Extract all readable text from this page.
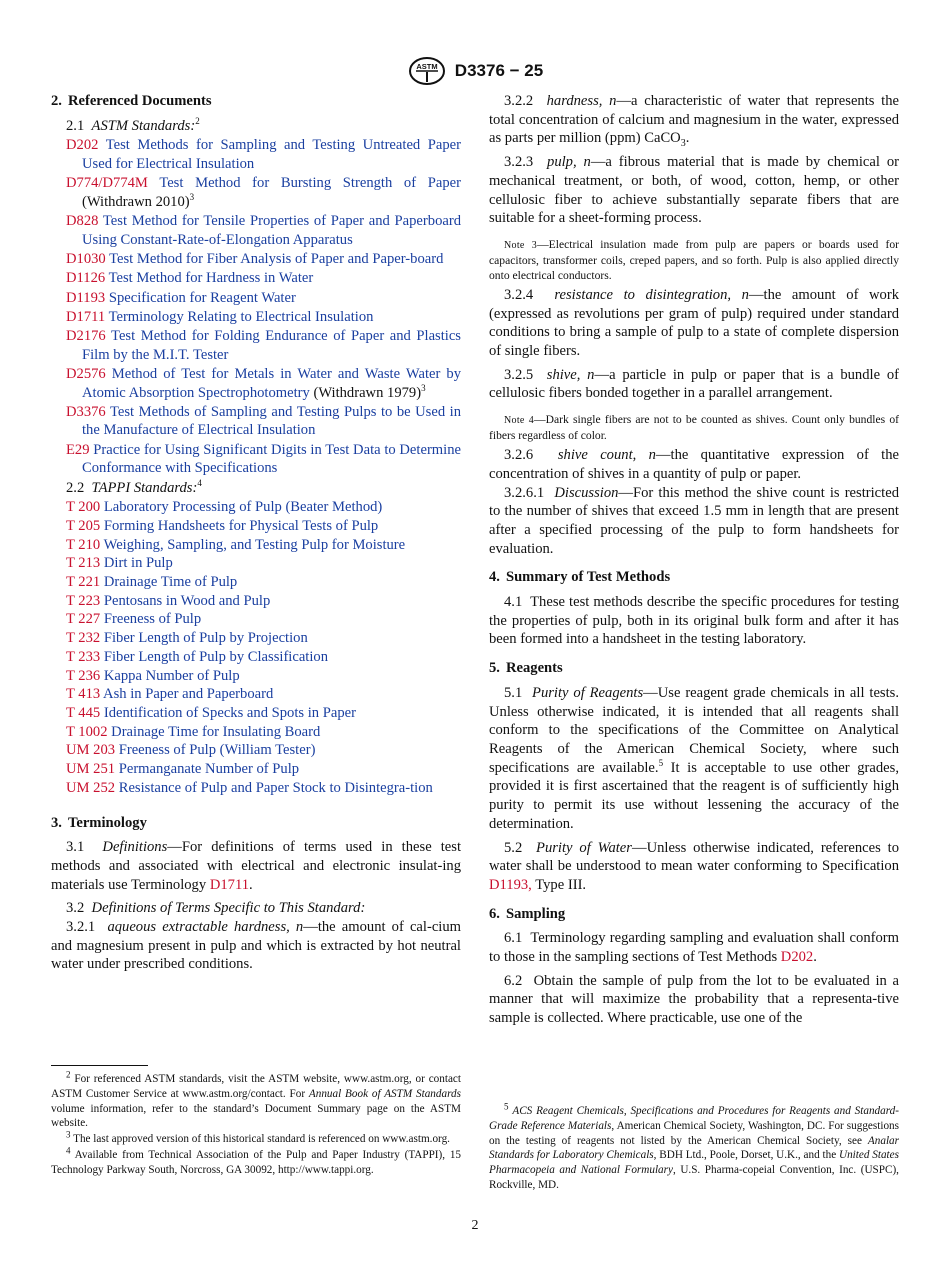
ASTM D3376 − 25
2. Referenced Documents

2.1 ASTM Standards:$^2$

D202 Test Methods for Sampling and Testing Untreated Paper Used for Electrical Insulation

D774/D774M Test Method for Bursting Strength of Paper (Withdrawn 2010)$^3$

D828 Test Method for Tensile Properties of Paper and Paperboard Using Constant-Rate-of-Elongation Apparatus

D1030 Test Method for Fiber Analysis of Paper and Paper-board

D1126 Test Method for Hardness in Water

D1193 Specification for Reagent Water

D1711 Terminology Relating to Electrical Insulation

D2176 Test Method for Folding Endurance of Paper and Plastics Film by the M.I.T. Tester

D2576 Method of Test for Metals in Water and Waste Water by Atomic Absorption Spectrophotometry (Withdrawn 1979)$^3$

D3376 Test Methods of Sampling and Testing Pulps to be Used in the Manufacture of Electrical Insulation

E29 Practice for Using Significant Digits in Test Data to Determine Conformance with Specifications

2.2 TAPPI Standards:$^4$

T 200 Laboratory Processing of Pulp (Beater Method)

T 205 Forming Handsheets for Physical Tests of Pulp

T 210 Weighing, Sampling, and Testing Pulp for Moisture

T 213 Dirt in Pulp

T 221 Drainage Time of Pulp

T 223 Pentosans in Wood and Pulp

T 227 Freeness of Pulp

T 232 Fiber Length of Pulp by Projection

T 233 Fiber Length of Pulp by Classification

T 236 Kappa Number of Pulp

T 413 Ash in Paper and Paperboard

T 445 Identification of Specks and Spots in Paper

T 1002 Drainage Time for Insulating Board

UM 203 Freeness of Pulp (William Tester)

UM 251 Permanganate Number of Pulp

UM 252 Resistance of Pulp and Paper Stock to Disintegra-tion

3. Terminology

3.1 Definitions—For definitions of terms used in these test methods and associated with electrical and electronic insulat-ing materials use Terminology D1711.

3.2 Definitions of Terms Specific to This Standard:

3.2.1 aqueous extractable hardness, n—the amount of cal-cium and magnesium present in pulp and which is extracted by hot neutral water under prescribed conditions.

3.2.2 hardness, n—a characteristic of water that represents the total concentration of calcium and magnesium in the water, expressed as parts per million (ppm) CaCO$_3$.

3.2.3 pulp, n—a fibrous material that is made by chemical or mechanical treatment, or both, of wood, cotton, hemp, or other cellulosic fiber to achieve substantially separate fibers that are suitable for a sheet-forming process.

Note 3—Electrical insulation made from pulp are papers or boards used for capacitors, transformer coils, creped papers, and so forth. Pulp is also applied directly onto electrical conductors.

3.2.4 resistance to disintegration, n—the amount of work (expressed as revolutions per gram of pulp) required under standard conditions to bring a sample of pulp to a state of complete dispersion of single fibers.

3.2.5 shive, n—a particle in pulp or paper that is a bundle of cellulosic fibers bonded together in a parallel arrangement.

Note 4—Dark single fibers are not to be counted as shives. Count only bundles of fibers regardless of color.

3.2.6 shive count, n—the quantitative expression of the concentration of shives in a quantity of pulp or paper.

3.2.6.1 Discussion—For this method the shive count is restricted to the number of shives that exceed 1.5 mm in length that are present after a specified processing of the pulp to form handsheets for evaluation.

4. Summary of Test Methods

4.1 These test methods describe the specific procedures for testing the properties of pulp, both in its original bulk form and after it has been formed into a handsheet in the testing laboratory.

5. Reagents

5.1 Purity of Reagents—Use reagent grade chemicals in all tests. Unless otherwise indicated, it is intended that all reagents shall conform to the specifications of the Committee on Analytical Reagents of the American Chemical Society, where such specifications are available.$^5$ It is acceptable to use other grades, provided it is first ascertained that the reagent is of sufficiently high purity to permit its use without lessening the accuracy of the determination.

5.2 Purity of Water—Unless otherwise indicated, references to water shall be understood to mean water conforming to Specification D1193, Type III.

6. Sampling

6.1 Terminology regarding sampling and evaluation shall conform to those in the sampling sections of Test Methods D202.

6.2 Obtain the sample of pulp from the lot to be evaluated in a manner that will maximize the probability that a representa-tive sample is collected. Where practicable, use one of the

$^2$ For referenced ASTM standards, visit the ASTM website, www.astm.org, or contact ASTM Customer Service at www.astm.org/contact. For Annual Book of ASTM Standards volume information, refer to the standard’s Document Summary page on the ASTM website.

$^3$ The last approved version of this historical standard is referenced on www.astm.org.

$^4$ Available from Technical Association of the Pulp and Paper Industry (TAPPI), 15 Technology Parkway South, Norcross, GA 30092, http://www.tappi.org.

$^5$ ACS Reagent Chemicals, Specifications and Procedures for Reagents and Standard-Grade Reference Materials, American Chemical Society, Washington, DC. For suggestions on the testing of reagents not listed by the American Chemical Society, see Analar Standards for Laboratory Chemicals, BDH Ltd., Poole, Dorset, U.K., and the United States Pharmacopeia and National Formulary, U.S. Pharma-copeial Convention, Inc. (USPC), Rockville, MD.

2
